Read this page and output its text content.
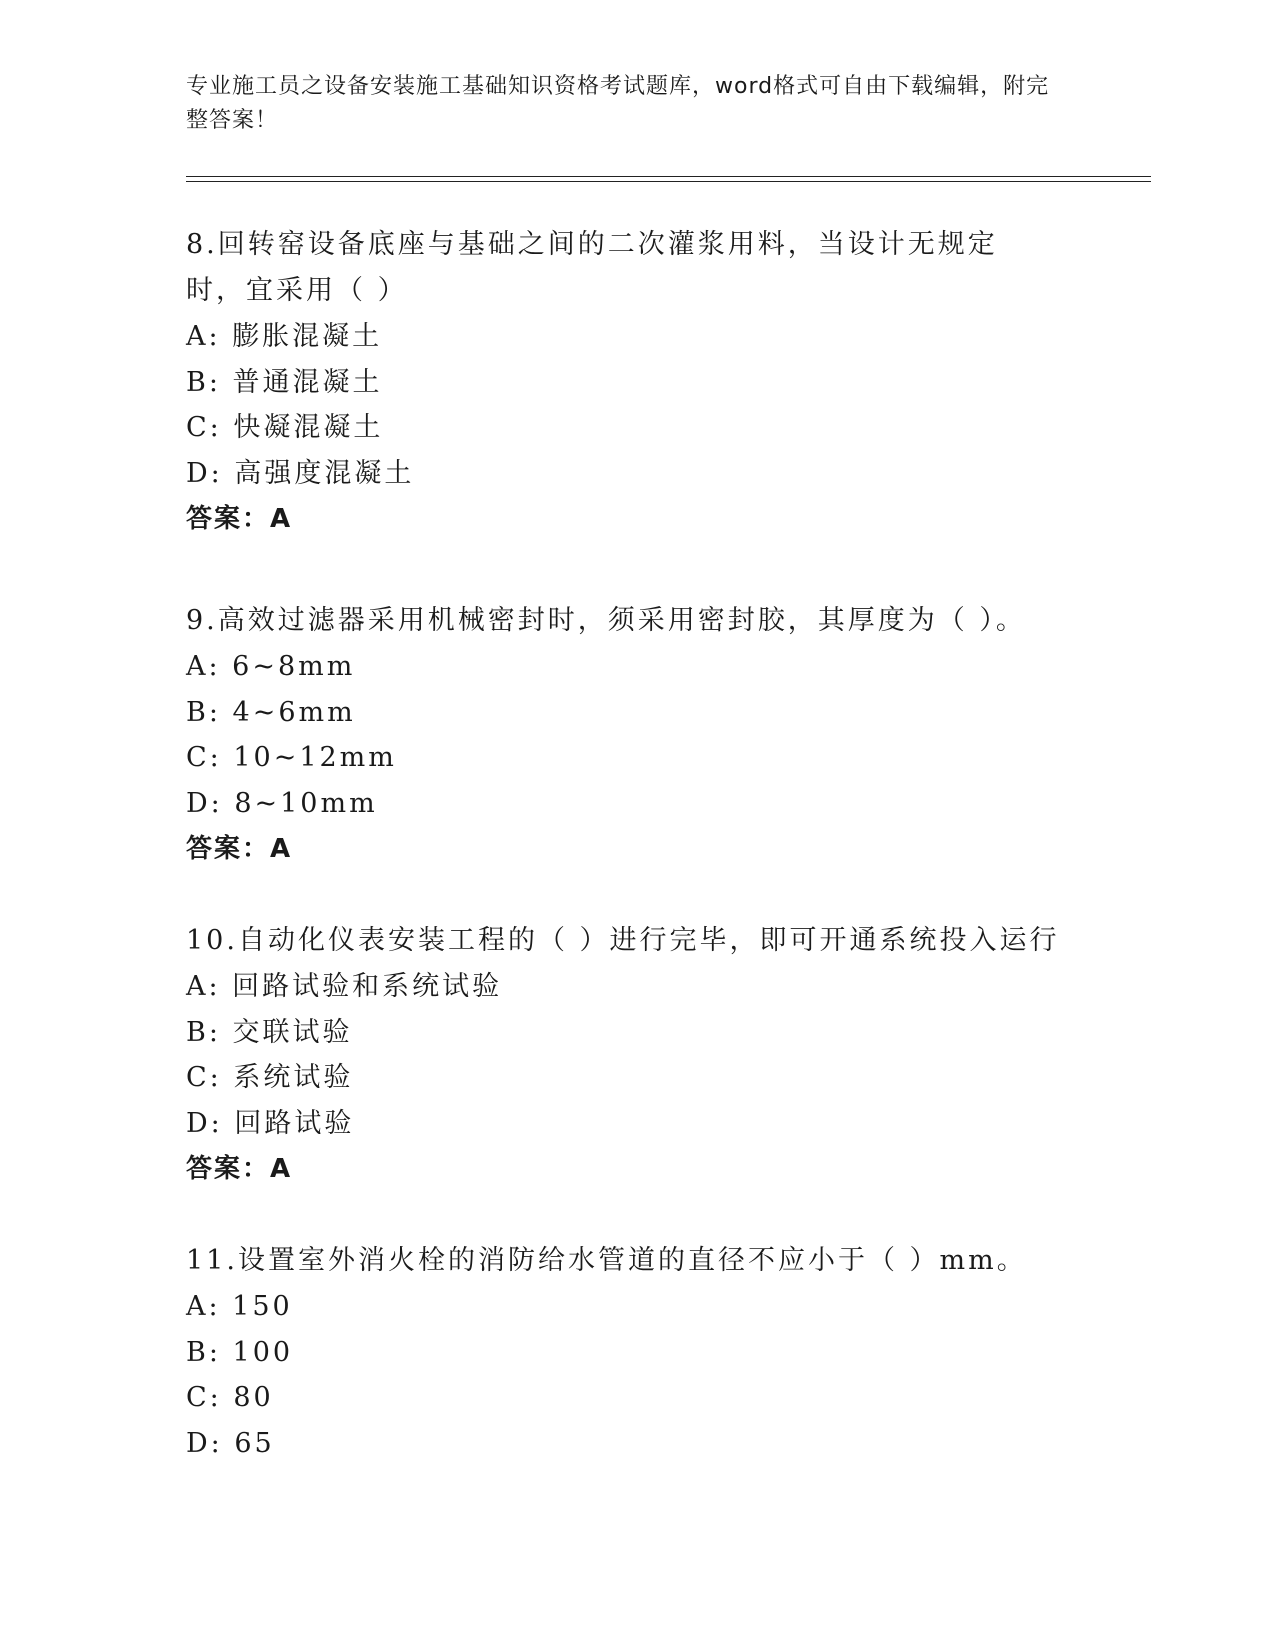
专业施工员之设备安装施工基础知识资格考试题库，word格式可自由下载编辑，附完整答案！
8.回转窑设备底座与基础之间的二次灌浆用料，当设计无规定时，宜采用（ ）
A: 膨胀混凝土
B: 普通混凝土
C: 快凝混凝土
D: 高强度混凝土
答案：A
9.高效过滤器采用机械密封时，须采用密封胶，其厚度为（ ）。
A: 6~8mm
B: 4~6mm
C: 10~12mm
D: 8~10mm
答案：A
10.自动化仪表安装工程的（ ）进行完毕，即可开通系统投入运行
A: 回路试验和系统试验
B: 交联试验
C: 系统试验
D: 回路试验
答案：A
11.设置室外消火栓的消防给水管道的直径不应小于（ ）mm。
A: 150
B: 100
C: 80
D: 65
